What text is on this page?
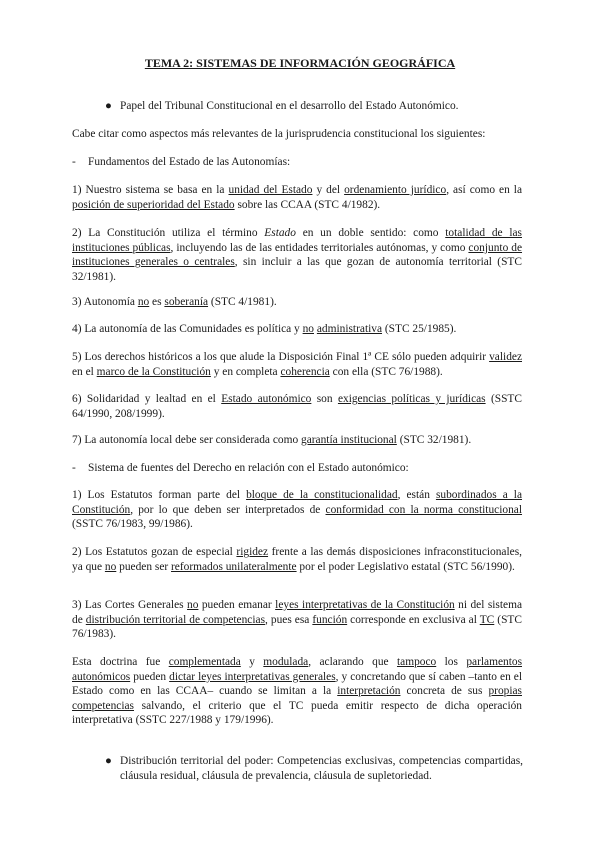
TEMA 2: SISTEMAS DE INFORMACIÓN GEOGRÁFICA
● Papel del Tribunal Constitucional en el desarrollo del Estado Autonómico.

Cabe citar como aspectos más relevantes de la jurisprudencia constitucional los siguientes:

- Fundamentos del Estado de las Autonomías:

1) Nuestro sistema se basa en la unidad del Estado y del ordenamiento jurídico, así como en la posición de superioridad del Estado sobre las CCAA (STC 4/1982).

2) La Constitución utiliza el término Estado en un doble sentido: como totalidad de las instituciones públicas, incluyendo las de las entidades territoriales autónomas, y como conjunto de instituciones generales o centrales, sin incluir a las que gozan de autonomía territorial (STC 32/1981).

3) Autonomía no es soberanía (STC 4/1981).

4) La autonomía de las Comunidades es política y no administrativa (STC 25/1985).

5) Los derechos históricos a los que alude la Disposición Final 1ª CE sólo pueden adquirir validez en el marco de la Constitución y en completa coherencia con ella (STC 76/1988).

6) Solidaridad y lealtad en el Estado autonómico son exigencias políticas y jurídicas (SSTC 64/1990, 208/1999).

7) La autonomía local debe ser considerada como garantía institucional (STC 32/1981).

- Sistema de fuentes del Derecho en relación con el Estado autonómico:

1) Los Estatutos forman parte del bloque de la constitucionalidad, están subordinados a la Constitución, por lo que deben ser interpretados de conformidad con la norma constitucional (SSTC 76/1983, 99/1986).

2) Los Estatutos gozan de especial rigidez frente a las demás disposiciones infraconstitucionales, ya que no pueden ser reformados unilateralmente por el poder Legislativo estatal (STC 56/1990).

3) Las Cortes Generales no pueden emanar leyes interpretativas de la Constitución ni del sistema de distribución territorial de competencias, pues esa función corresponde en exclusiva al TC (STC 76/1983).

Esta doctrina fue complementada y modulada, aclarando que tampoco los parlamentos autonómicos pueden dictar leyes interpretativas generales, y concretando que sí caben –tanto en el Estado como en las CCAA– cuando se limitan a la interpretación concreta de sus propias competencias salvando, el criterio que el TC pueda emitir respecto de dicha operación interpretativa (SSTC 227/1988 y 179/1996).

● Distribución territorial del poder: Competencias exclusivas, competencias compartidas, cláusula residual, cláusula de prevalencia, cláusula de supletoriedad.
